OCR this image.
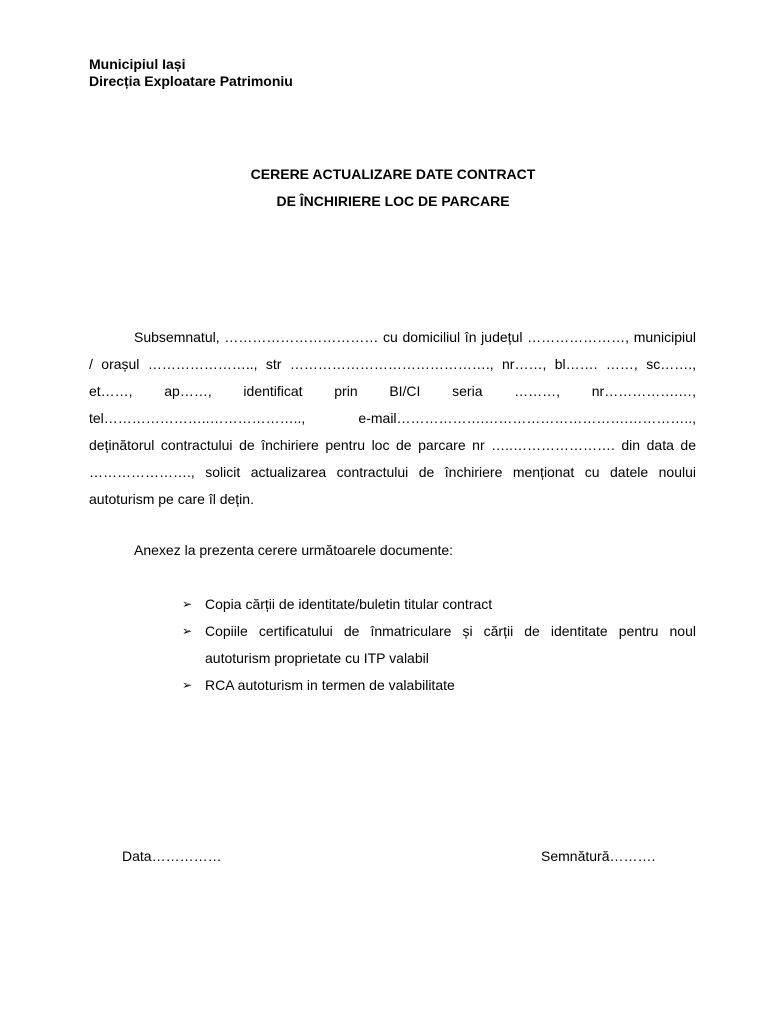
Municipiul Iași
Direcția Exploatare Patrimoniu
CERERE ACTUALIZARE DATE CONTRACT
DE ÎNCHIRIERE LOC DE PARCARE
Subsemnatul, …………………………… cu domiciliul în județul …………………, municipiul / orașul ………………….., str ……………………………………., nr……, bl……. ……, sc……., et……, ap……, identificat prin BI/CI seria ………, nr…………….…, tel…………………..……………….., e-mail……………….………………………….………….., deținătorul contractului de închiriere pentru loc de parcare nr …..…………………. din data de …………………., solicit actualizarea contractului de închiriere menționat cu datele noului autoturism pe care îl dețin.
Anexez la prezenta cerere următoarele documente:
➢ Copia cărții de identitate/buletin titular contract
➢ Copiile certificatului de înmatriculare și cărții de identitate pentru noul autoturism proprietate cu ITP valabil
➢ RCA autoturism in termen de valabilitate
Data……………	Semnătură……….
